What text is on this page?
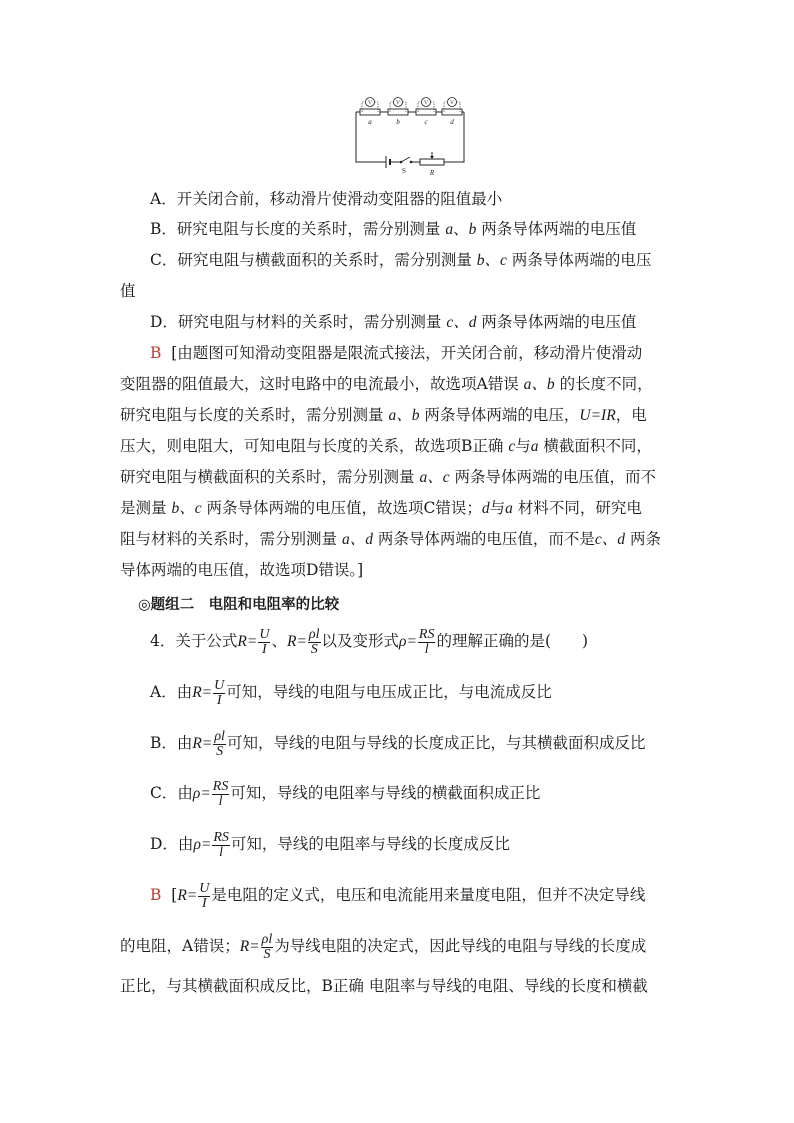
V	V	V	V
a	b	c	d
R
S
A．开关闭合前，移动滑片使滑动变阻器的阻值最小
B．研究电阻与长度的关系时，需分别测量 a、b 两条导体两端的电压值
C．研究电阻与横截面积的关系时，需分别测量 b、c 两条导体两端的电压
值
D．研究电阻与材料的关系时，需分别测量 c、d 两条导体两端的电压值
B [由题图可知滑动变阻器是限流式接法，开关闭合前，移动滑片使滑动
变阻器的阻值最大，这时电路中的电流最小，故选项A错误 a、b 的长度不同，
研究电阻与长度的关系时，需分别测量 a、b 两条导体两端的电压，U=IR，电
压大，则电阻大，可知电阻与长度的关系，故选项B正确 c与a 横截面积不同，
研究电阻与横截面积的关系时，需分别测量 a、c 两条导体两端的电压值，而不
是测量 b、c 两条导体两端的电压值，故选项C错误；d与a 材料不同，研究电
阻与材料的关系时，需分别测量 a、d 两条导体两端的电压值，而不是c、d 两条
导体两端的电压值，故选项D错误。]
◎题组二　电阻和电阻率的比较
4．关于公式$R= \frac{U}{I}$ 、$R= \frac{\rho l}{S}$ 以及变形式$\rho= \frac{RS}{l}$ 的理解正确的是(　　)
A．由$R= \frac{U}{I}$ 可知，导线的电阻与电压成正比，与电流成反比
B．由$R= \frac{\rho l}{S}$ 可知，导线的电阻与导线的长度成正比，与其横截面积成反比
C．由$\rho= \frac{RS}{l}$ 可知，导线的电阻率与导线的横截面积成正比
D．由$\rho= \frac{RS}{l}$ 可知，导线的电阻率与导线的长度成反比
B [$R= \frac{U}{I}$ 是电阻的定义式，电压和电流能用来量度电阻，但并不决定导线
的电阻，A错误；$R= \frac{\rho l}{S}$ 为导线电阻的决定式，因此导线的电阻与导线的长度成
正比，与其横截面积成反比，B正确 电阻率与导线的电阻、导线的长度和横截
